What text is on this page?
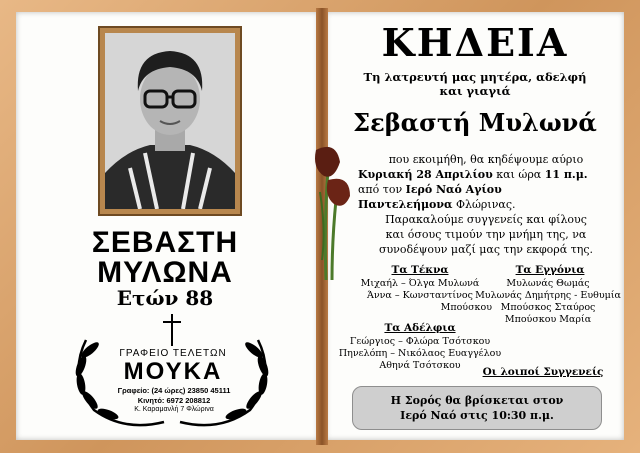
ΣΕΒΑΣΤΗ
ΜΥΛΩΝΑ
Ετών 88
ΓΡΑΦΕΙΟ ΤΕΛΕΤΩΝ
ΜΟΥΚΑ
Γραφείο: (24 ώρες) 23850 45111
Κινητό: 6972 208812
Κ. Καραμανλή 7 Φλώρινα
ΚΗΔΕΙΑ
Τη λατρευτή μας μητέρα, αδελφή
και γιαγιά
Σεβαστή Μυλωνά

που εκοιμήθη, θα κηδέψουμε αύριο

Κυριακή 28 Απριλίου και ώρα 11 π.μ.

από τον Ιερό Ναό Αγίου

Παντελεήμονα Φλώρινας.

Παρακαλούμε συγγενείς και φίλους

και όσους τιμούν την μνήμη της, να

συνοδέψουν μαζί μας την εκφορά της.

Τα Τέκνα
Μιχαήλ – Όλγα Μυλωνά
Άννα – Κωνσταντίνος
Μπούσκου
Τα Εγγόνια
Μυλωνάς Θωμάς
Μυλωνάς Δημήτρης - Ευθυμία
Μπούσκος Σταύρος
Μπούσκου Μαρία
Τα Αδέλφια
Γεώργιος – Φλώρα Τσότσκου
Πηνελόπη – Νικόλαος Ευαγγέλου
Αθηνά Τσότσκου
Οι λοιποί Συγγενείς
Η Σορός θα βρίσκεται στον
Ιερό Ναό στις 10:30 π.μ.
